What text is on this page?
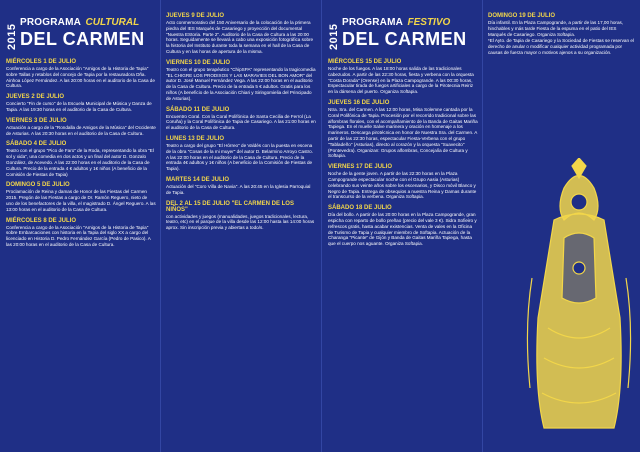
2015
PROGRAMA CULTURAL
DEL CARMEN
MIÉRCOLES 1 DE JULIO
Conferencia a cargo de la Asociación "Amigos de la Historia de Tapia" sobre Tallas y retablos del concejo de Tapia por la restauradora Dña. Ainhoa López Fernández. A las 20:00 horas en el auditorio de la Casa de Cultura.
JUEVES 2 DE JULIO
Concierto "Fin de curso" de la Escuela Municipal de Música y Danza de Tapia. A las 19:30 horas en el auditorio de la Casa de Cultura.
VIERNES 3 DE JULIO
Actuación a cargo de la "Rondalla de Amigos de la Música" del Occidente de Asturias. A las 20:30 horas en el auditorio de la Casa de Cultura.
SÁBADO 4 DE JULIO
Teatro con el grupo "Pico de Faro" de la Roda, representando la obra "El sol y xida", una comedia en dos actos y un final del autor D. Gonzalo González, de Acevedo. A las 22:00 horas en el auditorio de la Casa de Cultura. Precio de la entrada 4 € adultos y 1€ niños (A beneficio de la Comisión de Fiestas de Tapia)
DOMINGO 5 DE JULIO
Proclamación de Reina y damas de Honor de las Fiestas del Carmen 2015. Pregón de las Fiestas a cargo de Dr. Ramón Reguero, nieto de uno de los benefactores de la villa, el magistrado D. Ángel Reguero. A las 13:00 horas en el auditorio de la Casa de Cultura.
MIÉRCOLES 8 DE JULIO
Conferencia a cargo de la Asociación "Amigos de la Historia de Tapia" sobre Embarcaciones con historia en la Tapia del siglo XX a cargo del licenciado en Historia D. Pedro Fernández García (Pedro de Pasico). A las 20:00 horas en el auditorio de la Casa de Cultura.
JUEVES 9 DE JULIO
Acto conmemorativo del 150 Aniversario de la colocación de la primera piedra del IES Marqués de Casariego y proyección del documental "Nuestra EStoria. Parte 2". Auditorio de la Casa de Cultura a las 20:00 horas. Seguidamente se llevará a cabo una exposición fotográfica sobre la historia del Instituto durante toda la semana en el hall de la Casa de Cultura y en las horas de apertura de la misma.
VIERNES 10 DE JULIO
Teatro con el grupo terapéutico "ChipSPA" representando la tragicomedia "EL CHIGRE LOS PRODIXOS Y LAS MARAVIES DEL BON AMOR" del autor D. José Manuel Fernández Vega. A las 22:00 horas en el auditorio de la Casa de Cultura. Precio de la entrada 5 € adultos. Gratis para los niños (A beneficio de la Asociación Chiari y Siringomielia del Principado de Asturias).
SÁBADO 11 DE JULIO
Encuentro Coral. Con la Coral Polifónica de Santa Cecilia de Ferrol (La Coruña) y la Coral Polifónica de Tapia de Casariego. A las 21:00 horas en el auditorio de la Casa de Cultura.
LUNES 13 DE JULIO
Teatro a cargo del grupo "El Hórreo" de Valdés con la puesta en escena de la obra "Cosas de la mi muyer" del autor D. Belarmino Arroyo Castro. A las 22:00 horas en el auditorio de la Casa de Cultura. Precio de la entrada 4€ adultos y 1€ niños (A beneficio de la Comisión de Fiestas de Tapia).
MARTES 14 DE JULIO
Actuación del "Coro Villa de Navia". A las 20:45 en la Iglesia Parroquial de Tapia.
DEL 2 AL 15 DE JULIO "EL CARMEN DE LOS NIÑOS"
con actividades y juegos (manualidades, juegos tradicionales, lectura, teatro, etc) en el parque de la villa desde las 12:00 hasta las 14:00 horas aprox. Sin inscripción previa y abiertas a todo/s.
2015
PROGRAMA FESTIVO
DEL CARMEN
MIÉRCOLES 15 DE JULIO
Noche de los fuegos. A las 18:00 horas salida de las tradicionales cabezudos. A partir de las 22:30 horas, fiesta y verbena con la orquesta "Costa Dorada" (Orense) en la Plaza Campogrande. A las 00:30 horas, Espectacular tirada de fuegos artificiales a cargo de la Pirotecnia Reiriz en la dársena del puerto. Organiza Softapia.
JUEVES 16 DE JULIO
Ntra. Sra. del Carmen. A las 12:00 horas, Misa Solemne cantada por la Coral Polifónica de Tapia. Procesión por el recorrido tradicional sobre las alfombras florales, con el acompañamiento de la Banda de Gaitas Mariña Tapiega. En el muelle Salve marinera y oración en homenaje a los marineros. Descarga pirotécnica en honor de Nuestra Sra. del Carmen. A partir de las 22:30 horas, espectacular Fiesta-Verbena con el grupo "Tabladeño" (Asturias), directo al corazón y la orquesta "Suavecito" (Pontevedra). Organizan: Grupos alfombras, Concejalía de Cultura y Softapia.
VIERNES 17 DE JULIO
Noche de la gente joven. A partir de las 22:30 horas en la Plaza Campogrande espectacular noche con el Grupo Aasia (Asturias) celebrando sus veinte años sobre los escenarios, y Disco móvil Blanco y Negro de Tapia. Entrega de obsequios a nuestra Reina y Damas durante el transcurso de la verbena. Organiza Softapia.
SÁBADO 18 DE JULIO
Día del bollo. A partir de las 20:00 horas en la Plaza Campogrande, gran espicha con reparto de bollo preñao (precio del vale 3 €). Sidra Sofieiro y refrescos gratis, hasta acabar existencias. Venta de vales en la Oficina de Turismo de Tapia y cualquier miembro de Softapia. Actuación de la Charanga "Picante" de Gijón y Banda de Gaitas Mariña Tapiega, hasta que el cuerpo nos aguante. Organiza Softapia.
DOMINGO 19 DE JULIO
Día infantil. En la Plaza Campogrande, a partir de las 17,00 horas, hinchables y más tarde Fiesta de la espuma en el patio del IES Marqués de Casariego. Organiza Softapia.
*El Ayto. de Tapia de Casariego y la Sociedad de Fiestas se reservan el derecho de anular o modificar cualquier actividad programada por causas de fuerza mayor o motivos ajenos a su organización.
